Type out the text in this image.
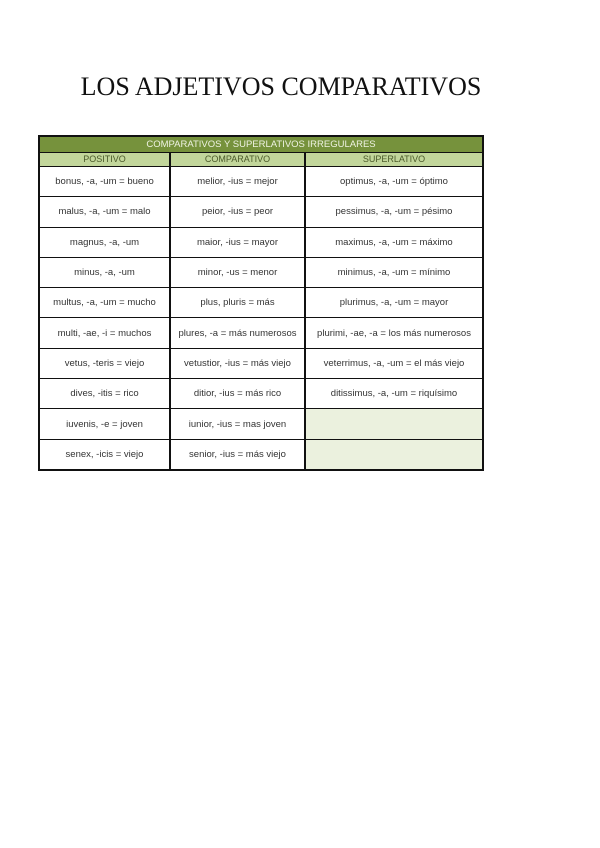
LOS ADJETIVOS COMPARATIVOS
COMPARATIVOS Y SUPERLATIVOS IRREGULARES
POSITIVO	COMPARATIVO	SUPERLATIVO
bonus, -a, -um = bueno	melior, -ius = mejor	optimus, -a, -um = óptimo
malus, -a, -um = malo	peior, -ius = peor	pessimus, -a, -um = pésimo
magnus, -a, -um	maior, -ius = mayor	maximus, -a, -um = máximo
minus, -a, -um	minor, -us = menor	minimus, -a, -um = mínimo
multus, -a, -um = mucho	plus, pluris = más	plurimus, -a, -um = mayor
multi, -ae, -i = muchos	plures, -a = más numerosos	plurimi, -ae, -a = los más numerosos
vetus, -teris = viejo	vetustior, -ius = más viejo	veterrimus, -a, -um = el más viejo
dives, -itis = rico	ditior, -ius = más rico	ditissimus, -a, -um = riquísimo
iuvenis, -e = joven	iunior, -ius = mas joven
senex, -icis = viejo	senior, -ius = más viejo
